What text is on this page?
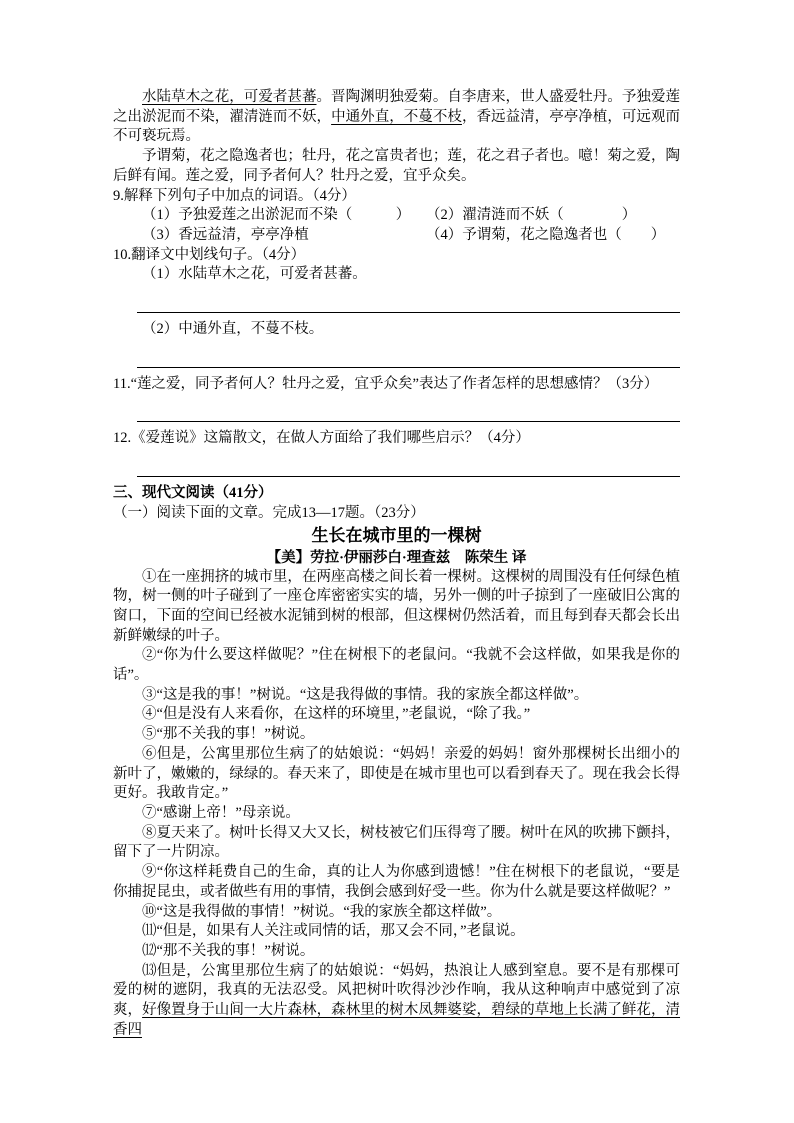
水陆草木之花，可爱者甚蕃。晋陶渊明独爱菊。自李唐来，世人盛爱牡丹。予独爱莲之出淤泥而不染，濯清涟而不妖，中通外直，不蔓不枝，香远益清，亭亭净植，可远观而不可亵玩焉。
予谓菊，花之隐逸者也；牡丹，花之富贵者也；莲，花之君子者也。噫！菊之爱，陶后鲜有闻。莲之爱，同予者何人？牡丹之爱，宜乎众矣。
9.解释下列句子中加点的词语。（4分）
（1）予独爱莲之出淤泥而不染（　　　）	（2）濯清涟而不妖（　　　　）
（3）香远益清，亭亭净植	（4）予谓菊，花之隐逸者也（　　）
10.翻译文中划线句子。（4分）
（1）水陆草木之花，可爱者甚蕃。
（2）中通外直，不蔓不枝。
11.“莲之爱，同予者何人？牡丹之爱，宜乎众矣”表达了作者怎样的思想感情？（3分）
12.《爱莲说》这篇散文，在做人方面给了我们哪些启示？（4分）
三、现代文阅读（41分）
（一）阅读下面的文章。完成13—17题。（23分）
生长在城市里的一棵树
【美】劳拉·伊丽莎白·理查兹　陈荣生 译
①在一座拥挤的城市里，在两座高楼之间长着一棵树。这棵树的周围没有任何绿色植物，树一侧的叶子碰到了一座仓库密密实实的墙，另外一侧的叶子掠到了一座破旧公寓的窗口，下面的空间已经被水泥铺到树的根部，但这棵树仍然活着，而且每到春天都会长出新鲜嫩绿的叶子。
②“你为什么要这样做呢？”住在树根下的老鼠问。“我就不会这样做，如果我是你的话”。
③“这是我的事！”树说。“这是我得做的事情。我的家族全都这样做”。
④“但是没有人来看你，在这样的环境里，”老鼠说，“除了我。”
⑤“那不关我的事！”树说。
⑥但是，公寓里那位生病了的姑娘说：“妈妈！亲爱的妈妈！窗外那棵树长出细小的新叶了，嫩嫩的，绿绿的。春天来了，即使是在城市里也可以看到春天了。现在我会长得更好。我敢肯定。”
⑦“感谢上帝！”母亲说。
⑧夏天来了。树叶长得又大又长，树枝被它们压得弯了腰。树叶在风的吹拂下颤抖，留下了一片阴凉。
⑨“你这样耗费自己的生命，真的让人为你感到遗憾！”住在树根下的老鼠说，“要是你捕捉昆虫，或者做些有用的事情，我倒会感到好受一些。你为什么就是要这样做呢？”
⑩“这是我得做的事情！”树说。“我的家族全都这样做”。
⑾“但是，如果有人关注或同情的话，那又会不同，”老鼠说。
⑿“那不关我的事！”树说。
⒀但是，公寓里那位生病了的姑娘说：“妈妈，热浪让人感到窒息。要不是有那棵可爱的树的遮阴，我真的无法忍受。风把树叶吹得沙沙作响，我从这种响声中感觉到了凉爽，好像置身于山间一大片森林，森林里的树木凤舞婆娑，碧绿的草地上长满了鲜花，清香四
